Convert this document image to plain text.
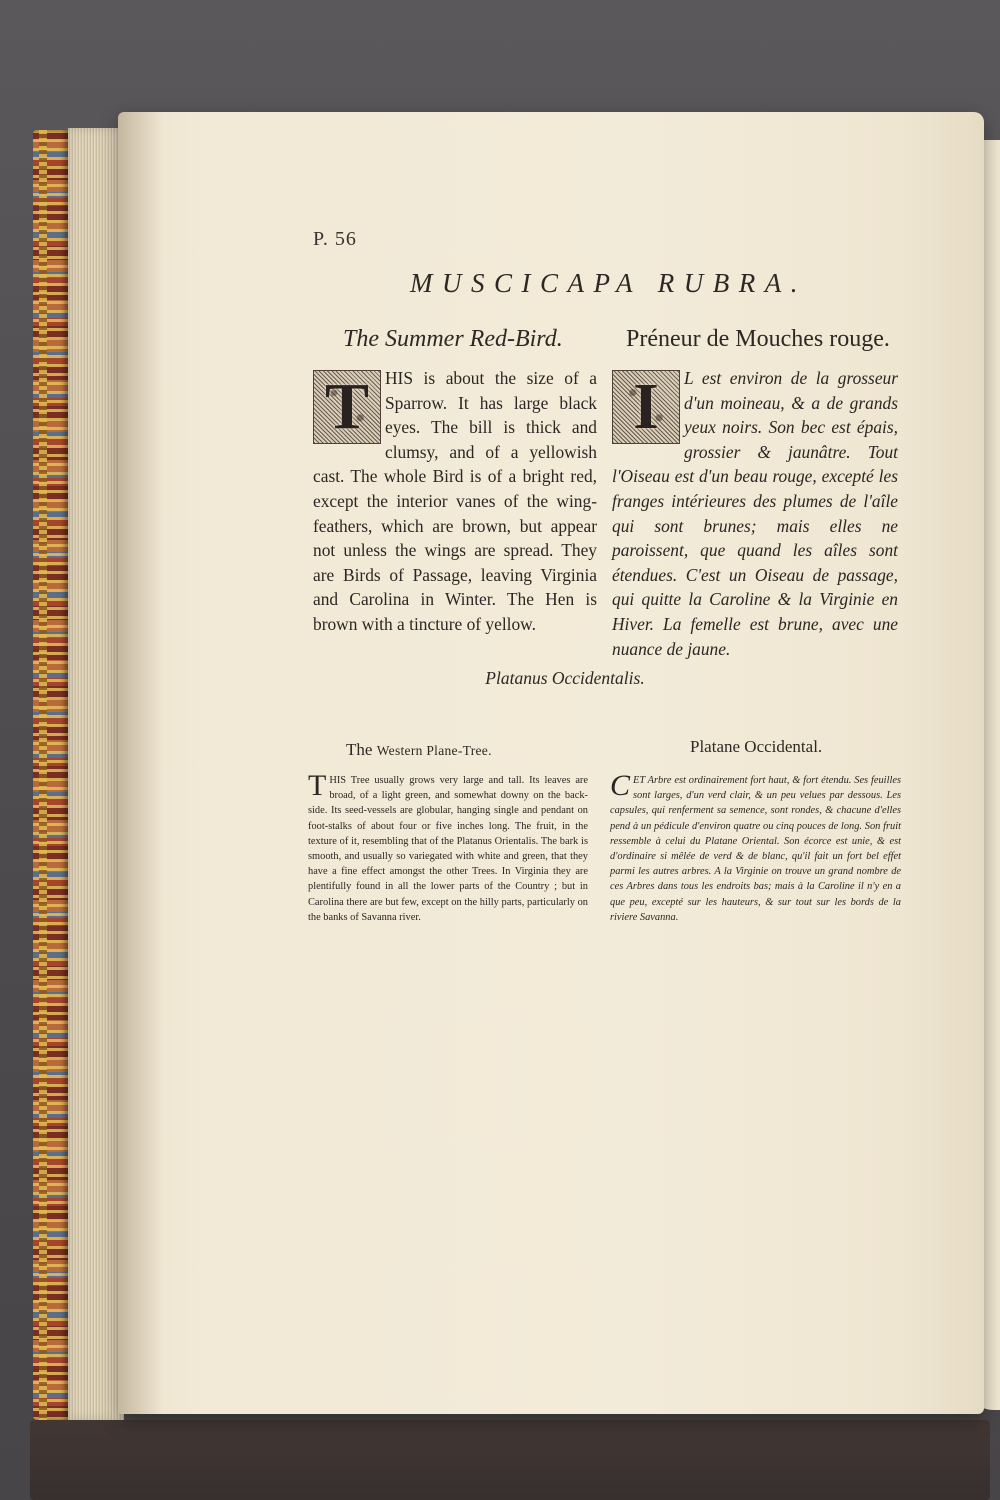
P. 56
MUSCICAPA RUBRA.
The Summer Red-Bird.	Préneur de Mouches rouge.
T	I
HIS is about the size of a Sparrow. It has large black eyes. The bill is thick and clumsy, and of a yellowish cast. The whole Bird is of a bright red, except the interior vanes of the wing-feathers, which are brown, but appear not unless the wings are spread. They are Birds of Passage, leaving Virginia and Carolina in Winter. The Hen is brown with a tincture of yellow.
L est environ de la grosseur d'un moineau, & a de grands yeux noirs. Son bec est épais, grossier & jaunâtre. Tout l'Oiseau est d'un beau rouge, excepté les franges intérieures des plumes de l'aîle qui sont brunes; mais elles ne paroissent, que quand les aîles sont étendues. C'est un Oiseau de passage, qui quitte la Caroline & la Virginie en Hiver. La femelle est brune, avec une nuance de jaune.
Platanus Occidentalis.
The Western Plane-Tree.	Platane Occidental.
T HIS Tree usually grows very large and tall. Its leaves are broad, of a light green, and somewhat downy on the back-side. Its seed-vessels are globular, hanging single and pendant on foot-stalks of about four or five inches long. The fruit, in the texture of it, resembling that of the Platanus Orientalis. The bark is smooth, and usually so variegated with white and green, that they have a fine effect amongst the other Trees. In Virginia they are plentifully found in all the lower parts of the Country ; but in Carolina there are but few, except on the hilly parts, particularly on the banks of Savanna river.
C ET Arbre est ordinairement fort haut, & fort étendu. Ses feuilles sont larges, d'un verd clair, & un peu velues par dessous. Les capsules, qui renferment sa semence, sont rondes, & chacune d'elles pend à un pédicule d'environ quatre ou cinq pouces de long. Son fruit ressemble à celui du Platane Oriental. Son écorce est unie, & est d'ordinaire si mêlée de verd & de blanc, qu'il fait un fort bel effet parmi les autres arbres. A la Virginie on trouve un grand nombre de ces Arbres dans tous les endroits bas; mais à la Caroline il n'y en a que peu, excepté sur les hauteurs, & sur tout sur les bords de la riviere Savanna.
